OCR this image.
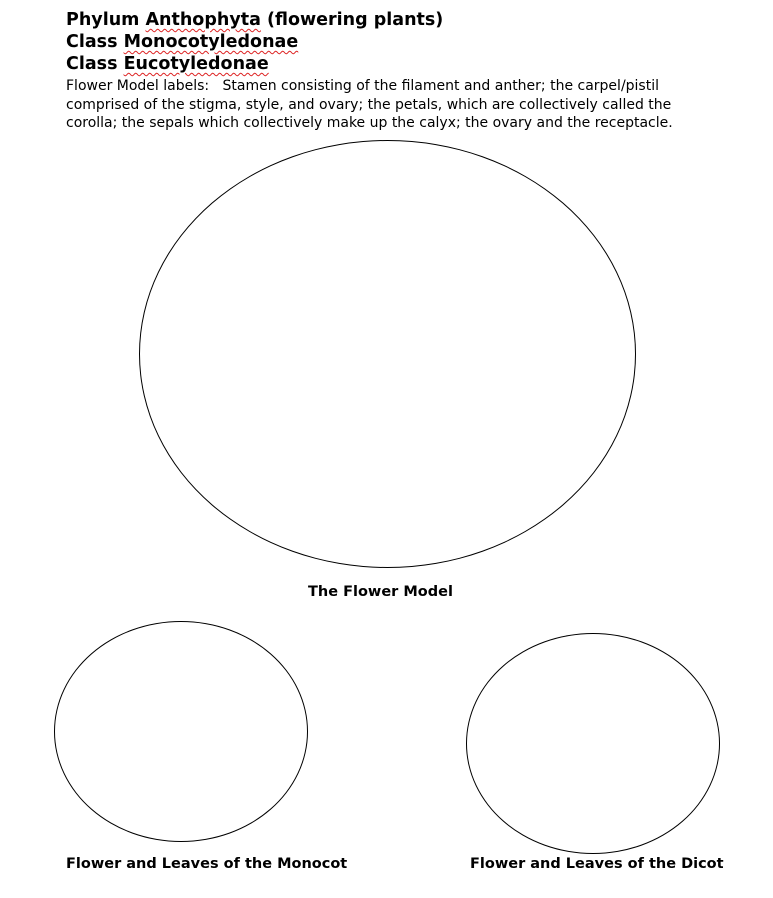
Phylum Anthophyta (flowering plants)
Class Monocotyledonae
Class Eucotyledonae
Flower Model labels: Stamen consisting of the filament and anther; the carpel/pistil comprised of the stigma, style, and ovary; the petals, which are collectively called the corolla; the sepals which collectively make up the calyx; the ovary and the receptacle.
The Flower Model
Flower and Leaves of the Monocot	Flower and Leaves of the Dicot
